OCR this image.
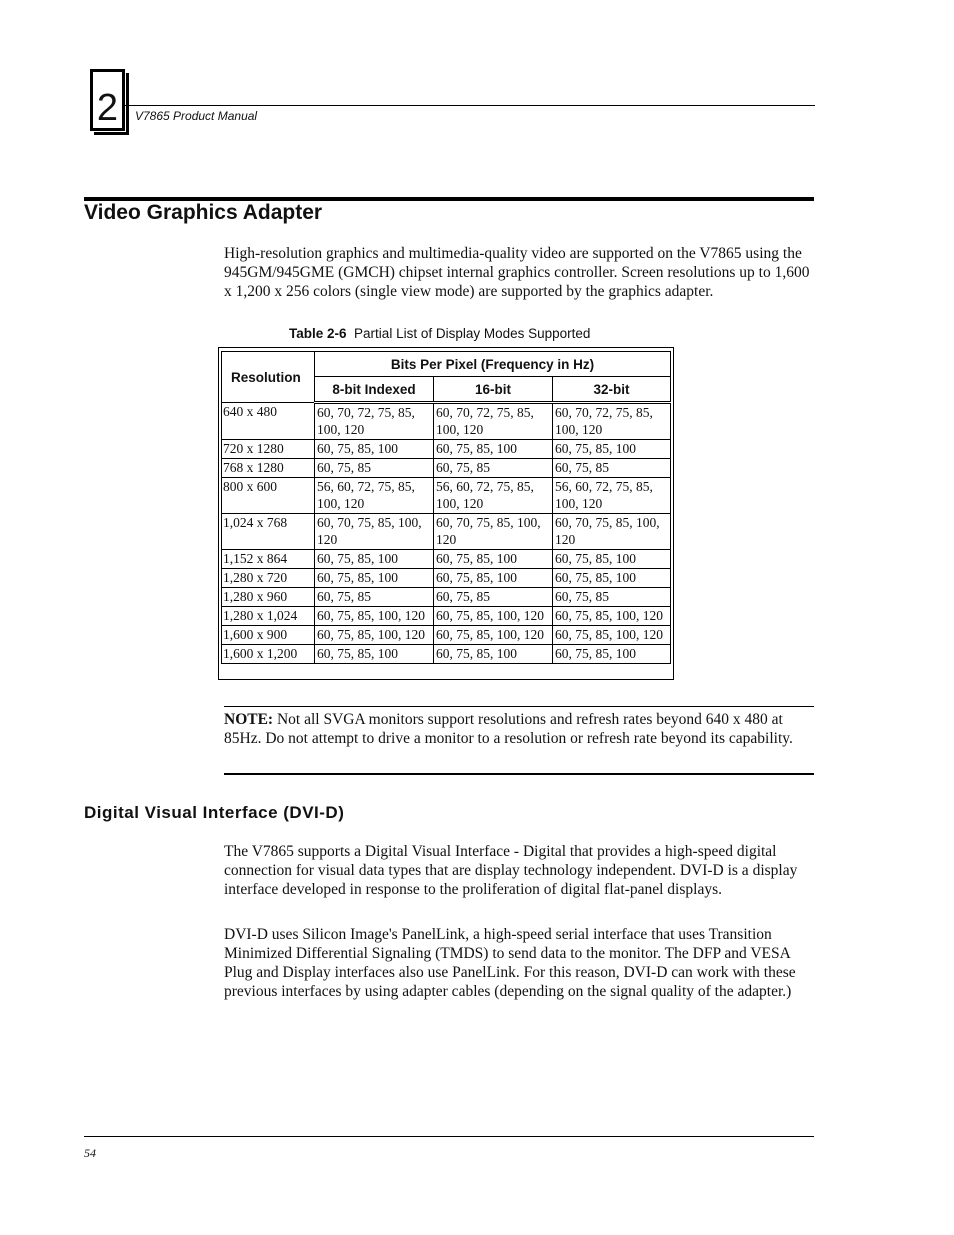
2	V7865 Product Manual
Video Graphics Adapter

High-resolution graphics and multimedia-quality video are supported on the V7865 using the 945GM/945GME (GMCH) chipset internal graphics controller. Screen resolutions up to 1,600 x 1,200 x 256 colors (single view mode) are supported by the graphics adapter.

Table 2-6 Partial List of Display Modes Supported
Resolution	Bits Per Pixel (Frequency in Hz)		
	8-bit Indexed	16-bit	32-bit
640 x 480	60, 70, 72, 75, 85, 100, 120	60, 70, 72, 75, 85, 100, 120	60, 70, 72, 75, 85, 100, 120
720 x 1280	60, 75, 85, 100	60, 75, 85, 100	60, 75, 85, 100
768 x 1280	60, 75, 85	60, 75, 85	60, 75, 85
800 x 600	56, 60, 72, 75, 85, 100, 120	56, 60, 72, 75, 85, 100, 120	56, 60, 72, 75, 85, 100, 120
1,024 x 768	60, 70, 75, 85, 100, 120	60, 70, 75, 85, 100, 120	60, 70, 75, 85, 100, 120
1,152 x 864	60, 75, 85, 100	60, 75, 85, 100	60, 75, 85, 100
1,280 x 720	60, 75, 85, 100	60, 75, 85, 100	60, 75, 85, 100
1,280 x 960	60, 75, 85	60, 75, 85	60, 75, 85
1,280 x 1,024	60, 75, 85, 100, 120	60, 75, 85, 100, 120	60, 75, 85, 100, 120
1,600 x 900	60, 75, 85, 100, 120	60, 75, 85, 100, 120	60, 75, 85, 100, 120
1,600 x 1,200	60, 75, 85, 100	60, 75, 85, 100	60, 75, 85, 100

NOTE: Not all SVGA monitors support resolutions and refresh rates beyond 640 x 480 at 85Hz. Do not attempt to drive a monitor to a resolution or refresh rate beyond its capability.

Digital Visual Interface (DVI-D)

The V7865 supports a Digital Visual Interface - Digital that provides a high-speed digital connection for visual data types that are display technology independent. DVI-D is a display interface developed in response to the proliferation of digital flat-panel displays.

DVI-D uses Silicon Image's PanelLink, a high-speed serial interface that uses Transition Minimized Differential Signaling (TMDS) to send data to the monitor. The DFP and VESA Plug and Display interfaces also use PanelLink. For this reason, DVI-D can work with these previous interfaces by using adapter cables (depending on the signal quality of the adapter.)

54
